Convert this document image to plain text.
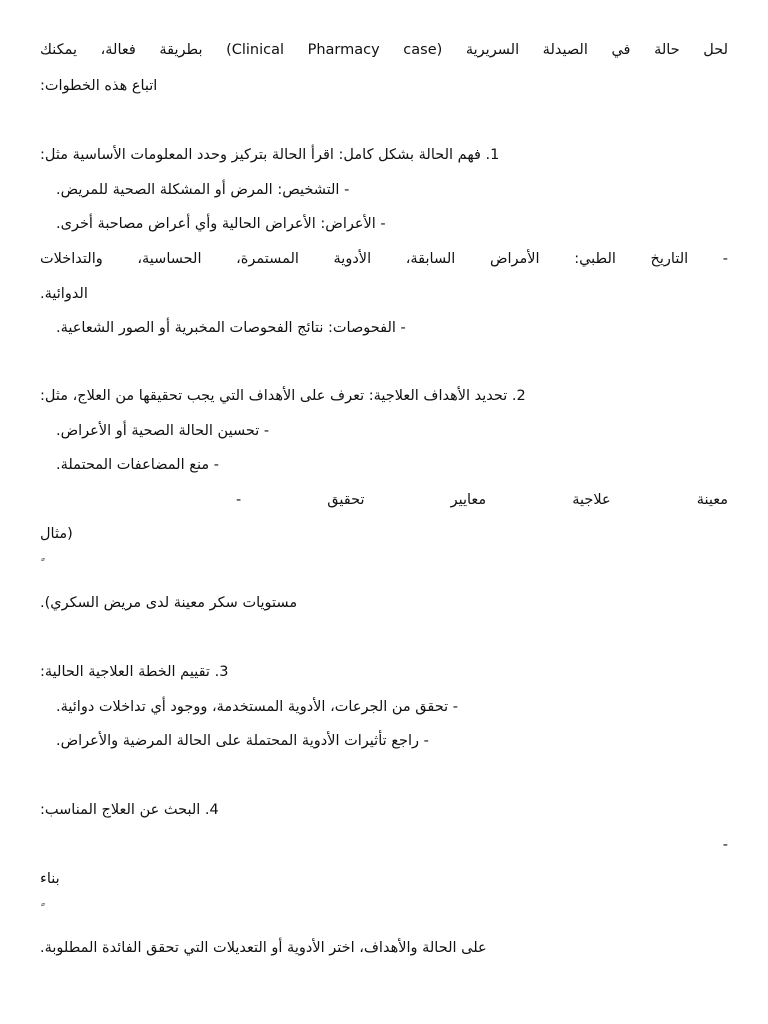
لحل حالة في الصيدلة السريرية (Clinical Pharmacy case) بطريقة فعالة، يمكنك
اتباع هذه الخطوات:
1. فهم الحالة بشكل كامل: اقرأ الحالة بتركيز وحدد المعلومات الأساسية مثل:
- التشخيص: المرض أو المشكلة الصحية للمريض.
- الأعراض: الأعراض الحالية وأي أعراض مصاحبة أخرى.
- التاريخ الطبي: الأمراض السابقة، الأدوية المستمرة، الحساسية، والتداخلات
الدوائية.
- الفحوصات: نتائج الفحوصات المخبرية أو الصور الشعاعية.
2. تحديد الأهداف العلاجية: تعرف على الأهداف التي يجب تحقيقها من العلاج، مثل:
- تحسين الحالة الصحية أو الأعراض.
- منع المضاعفات المحتملة.
معينة
علاجية
معايير
تحقيق
-
(مثال
مستويات سكر معينة لدى مريض السكري).
3. تقييم الخطة العلاجية الحالية:
- تحقق من الجرعات، الأدوية المستخدمة، ووجود أي تداخلات دوائية.
- راجع تأثيرات الأدوية المحتملة على الحالة المرضية والأعراض.
4. البحث عن العلاج المناسب:
-
بناء
على الحالة والأهداف، اختر الأدوية أو التعديلات التي تحقق الفائدة المطلوبة.
